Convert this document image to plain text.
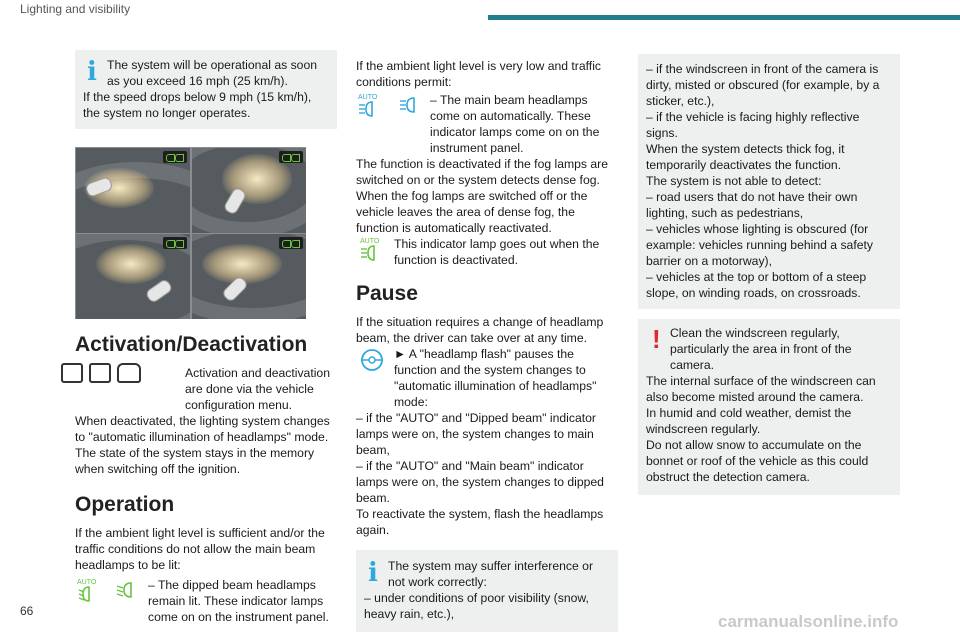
Lighting and visibility
i The system will be operational as soon as you exceed 16 mph (25 km/h).
If the speed drops below 9 mph (15 km/h), the system no longer operates.
Activation/Deactivation
Activation and deactivation are done via the vehicle configuration menu.
When deactivated, the lighting system changes to "automatic illumination of headlamps" mode.
The state of the system stays in the memory when switching off the ignition.
Operation
If the ambient light level is sufficient and/or the traffic conditions do not allow the main beam headlamps to be lit:
AUTO	– The dipped beam headlamps remain lit. These indicator lamps come on on the instrument panel.
If the ambient light level is very low and traffic conditions permit:
AUTO	– The main beam headlamps come on automatically. These indicator lamps come on on the instrument panel.
The function is deactivated if the fog lamps are switched on or the system detects dense fog.
When the fog lamps are switched off or the vehicle leaves the area of dense fog, the function is automatically reactivated.
AUTO	This indicator lamp goes out when the function is deactivated.
Pause
If the situation requires a change of headlamp beam, the driver can take over at any time.
► A "headlamp flash" pauses the function and the system changes to "automatic illumination of headlamps" mode:
– if the "AUTO" and "Dipped beam" indicator lamps were on, the system changes to main beam,
– if the "AUTO" and "Main beam" indicator lamps were on, the system changes to dipped beam.
To reactivate the system, flash the headlamps again.
i The system may suffer interference or not work correctly:
– under conditions of poor visibility (snow, heavy rain, etc.),
– if the windscreen in front of the camera is dirty, misted or obscured (for example, by a sticker, etc.),
– if the vehicle is facing highly reflective signs.
When the system detects thick fog, it temporarily deactivates the function.
The system is not able to detect:
– road users that do not have their own lighting, such as pedestrians,
– vehicles whose lighting is obscured (for example: vehicles running behind a safety barrier on a motorway),
– vehicles at the top or bottom of a steep slope, on winding roads, on crossroads.
! Clean the windscreen regularly, particularly the area in front of the camera.
The internal surface of the windscreen can also become misted around the camera.
In humid and cold weather, demist the windscreen regularly.
Do not allow snow to accumulate on the bonnet or roof of the vehicle as this could obstruct the detection camera.
66
carmanualsonline.info
